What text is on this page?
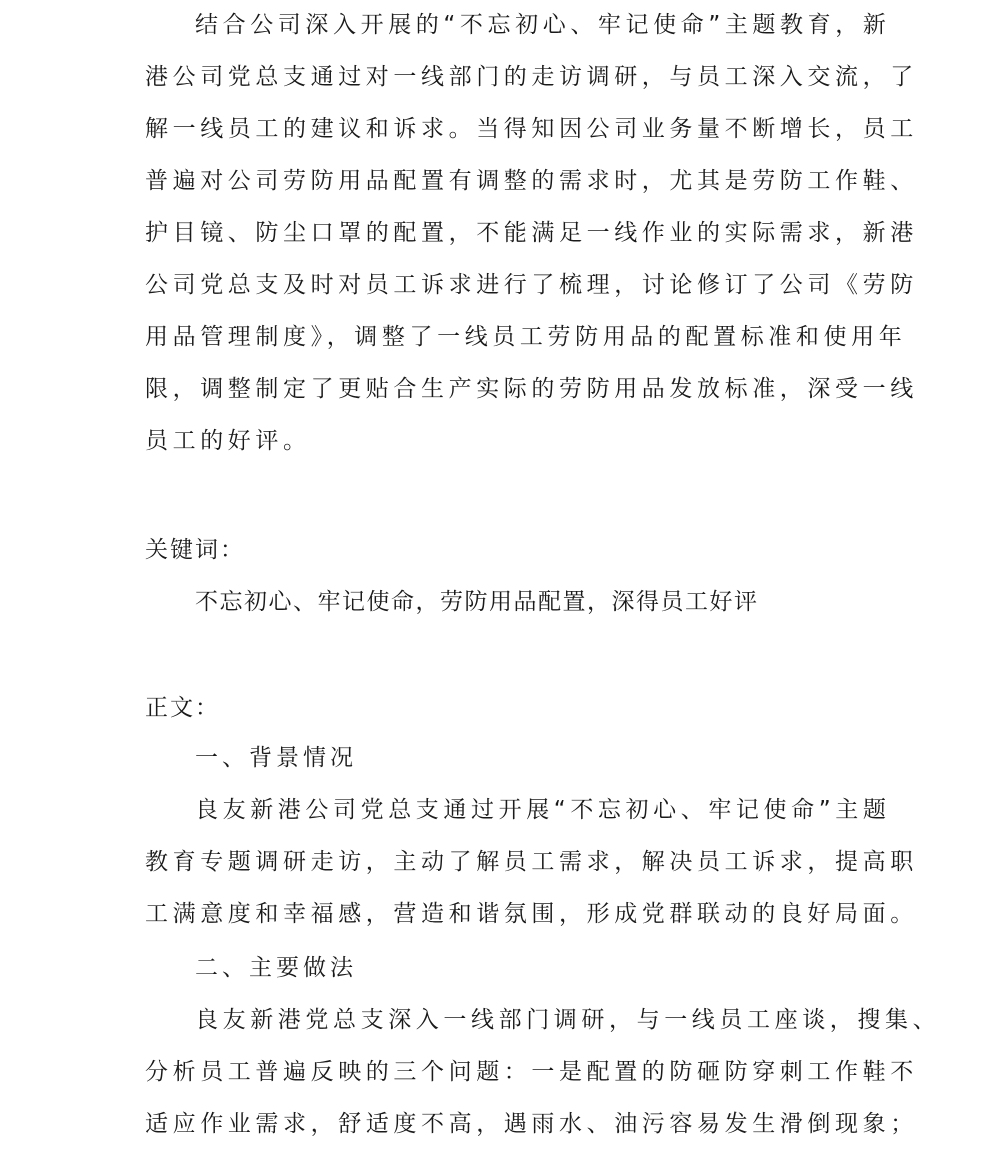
结合公司深入开展的“不忘初心、牢记使命”主题教育，新
港公司党总支通过对一线部门的走访调研，与员工深入交流，了
解一线员工的建议和诉求。当得知因公司业务量不断增长，员工
普遍对公司劳防用品配置有调整的需求时，尤其是劳防工作鞋、
护目镜、防尘口罩的配置，不能满足一线作业的实际需求，新港
公司党总支及时对员工诉求进行了梳理，讨论修订了公司《劳防
用品管理制度》，调整了一线员工劳防用品的配置标准和使用年
限，调整制定了更贴合生产实际的劳防用品发放标准，深受一线
员工的好评。
关键词：
不忘初心、牢记使命，劳防用品配置，深得员工好评
正文：
一、背景情况
良友新港公司党总支通过开展“不忘初心、牢记使命”主题
教育专题调研走访，主动了解员工需求，解决员工诉求，提高职
工满意度和幸福感，营造和谐氛围，形成党群联动的良好局面。
二、主要做法
良友新港党总支深入一线部门调研，与一线员工座谈，搜集、
分析员工普遍反映的三个问题：一是配置的防砸防穿刺工作鞋不
适应作业需求，舒适度不高，遇雨水、油污容易发生滑倒现象；
